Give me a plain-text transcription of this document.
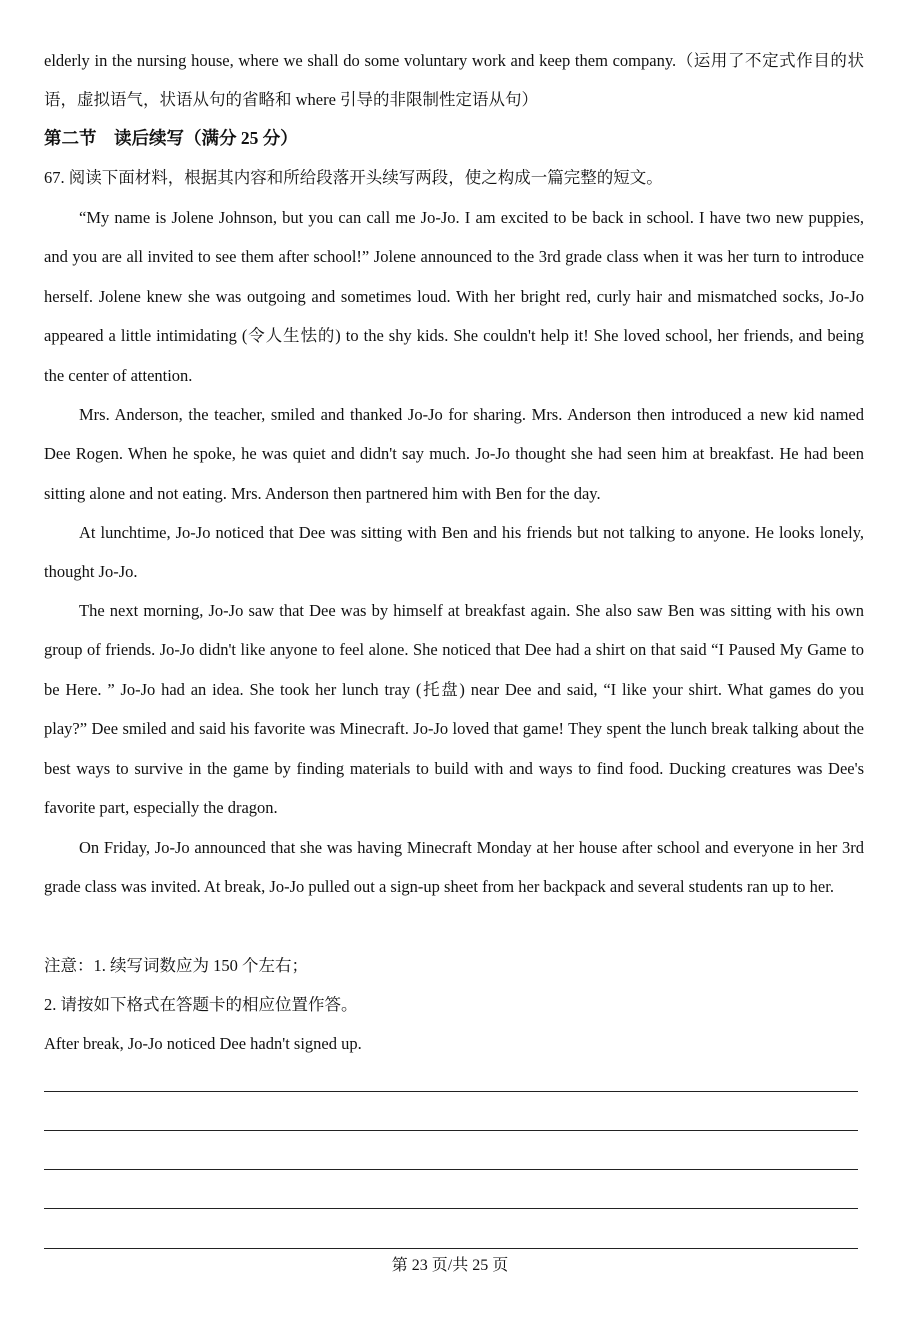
elderly in the nursing house, where we shall do some voluntary work and keep them company.（运用了不定式作目的状语，虚拟语气，状语从句的省略和 where 引导的非限制性定语从句）

第二节　读后续写（满分 25 分）

67. 阅读下面材料，根据其内容和所给段落开头续写两段，使之构成一篇完整的短文。

“My name is Jolene Johnson, but you can call me Jo-Jo. I am excited to be back in school. I have two new puppies, and you are all invited to see them after school!” Jolene announced to the 3rd grade class when it was her turn to introduce herself. Jolene knew she was outgoing and sometimes loud. With her bright red, curly hair and mismatched socks, Jo-Jo appeared a little intimidating (令人生怯的) to the shy kids. She couldn't help it! She loved school, her friends, and being the center of attention.

Mrs. Anderson, the teacher, smiled and thanked Jo-Jo for sharing. Mrs. Anderson then introduced a new kid named Dee Rogen. When he spoke, he was quiet and didn't say much. Jo-Jo thought she had seen him at breakfast. He had been sitting alone and not eating. Mrs. Anderson then partnered him with Ben for the day.

At lunchtime, Jo-Jo noticed that Dee was sitting with Ben and his friends but not talking to anyone. He looks lonely, thought Jo-Jo.

The next morning, Jo-Jo saw that Dee was by himself at breakfast again. She also saw Ben was sitting with his own group of friends. Jo-Jo didn't like anyone to feel alone. She noticed that Dee had a shirt on that said “I Paused My Game to be Here. ” Jo-Jo had an idea. She took her lunch tray (托盘) near Dee and said, “I like your shirt. What games do you play?” Dee smiled and said his favorite was Minecraft. Jo-Jo loved that game! They spent the lunch break talking about the best ways to survive in the game by finding materials to build with and ways to find food. Ducking creatures was Dee's favorite part, especially the dragon.

On Friday, Jo-Jo announced that she was having Minecraft Monday at her house after school and everyone in her 3rd grade class was invited. At break, Jo-Jo pulled out a sign-up sheet from her backpack and several students ran up to her.

注意：1. 续写词数应为 150 个左右；

2. 请按如下格式在答题卡的相应位置作答。

After break, Jo-Jo noticed Dee hadn't signed up.

第 23 页/共 25 页
